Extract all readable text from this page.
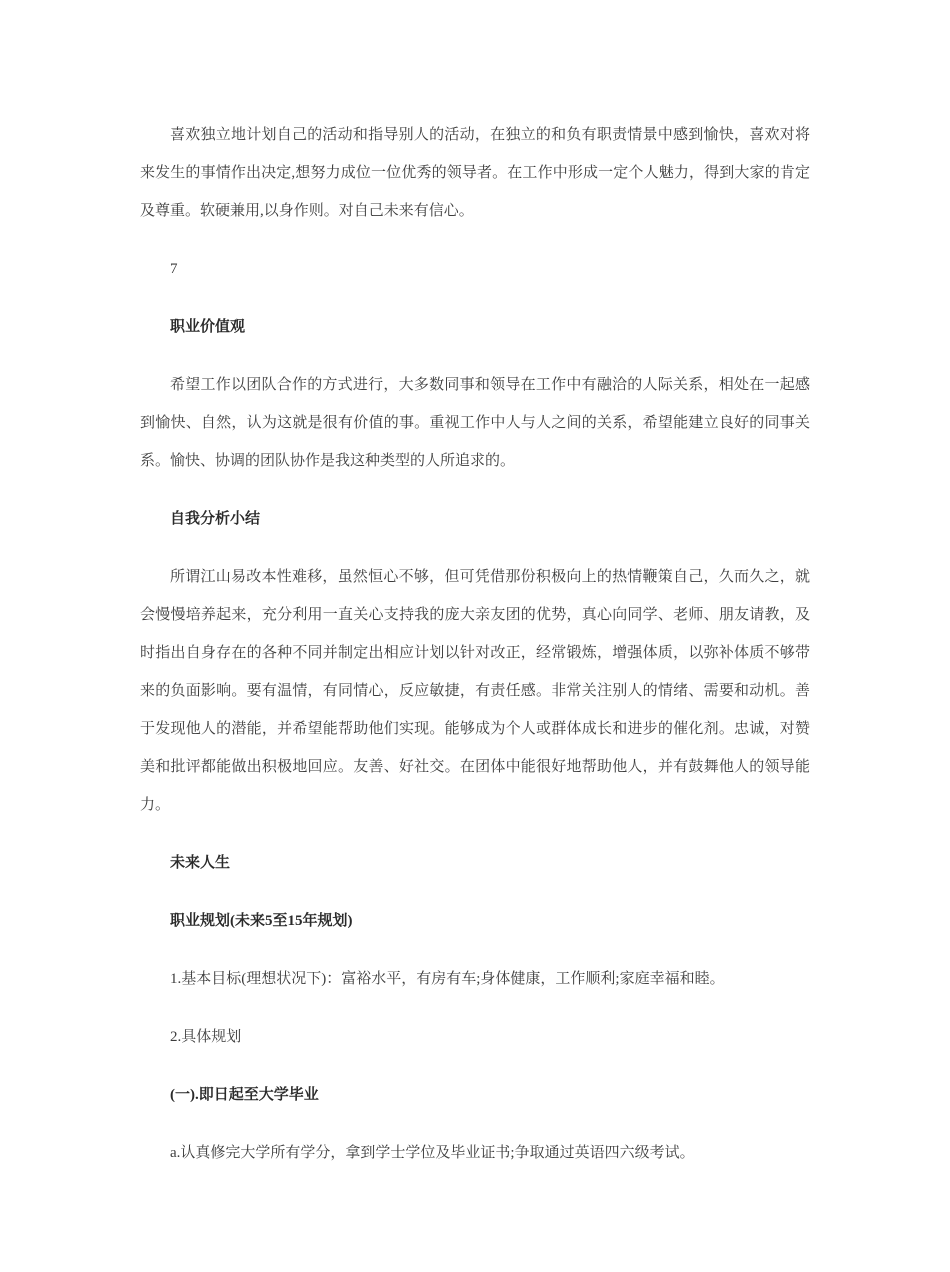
喜欢独立地计划自己的活动和指导别人的活动，在独立的和负有职责情景中感到愉快，喜欢对将来发生的事情作出决定,想努力成位一位优秀的领导者。在工作中形成一定个人魅力，得到大家的肯定及尊重。软硬兼用,以身作则。对自己未来有信心。

7

职业价值观

希望工作以团队合作的方式进行，大多数同事和领导在工作中有融洽的人际关系，相处在一起感到愉快、自然，认为这就是很有价值的事。重视工作中人与人之间的关系，希望能建立良好的同事关系。愉快、协调的团队协作是我这种类型的人所追求的。

自我分析小结

所谓江山易改本性难移，虽然恒心不够，但可凭借那份积极向上的热情鞭策自己，久而久之，就会慢慢培养起来，充分利用一直关心支持我的庞大亲友团的优势，真心向同学、老师、朋友请教，及时指出自身存在的各种不同并制定出相应计划以针对改正，经常锻炼，增强体质，以弥补体质不够带来的负面影响。要有温情，有同情心，反应敏捷，有责任感。非常关注别人的情绪、需要和动机。善于发现他人的潜能，并希望能帮助他们实现。能够成为个人或群体成长和进步的催化剂。忠诚，对赞美和批评都能做出积极地回应。友善、好社交。在团体中能很好地帮助他人，并有鼓舞他人的领导能力。

未来人生
职业规划(未来5至15年规划)

1.基本目标(理想状况下)：富裕水平，有房有车;身体健康，工作顺利;家庭幸福和睦。

2.具体规划

(一).即日起至大学毕业

a.认真修完大学所有学分，拿到学士学位及毕业证书;争取通过英语四六级考试。
